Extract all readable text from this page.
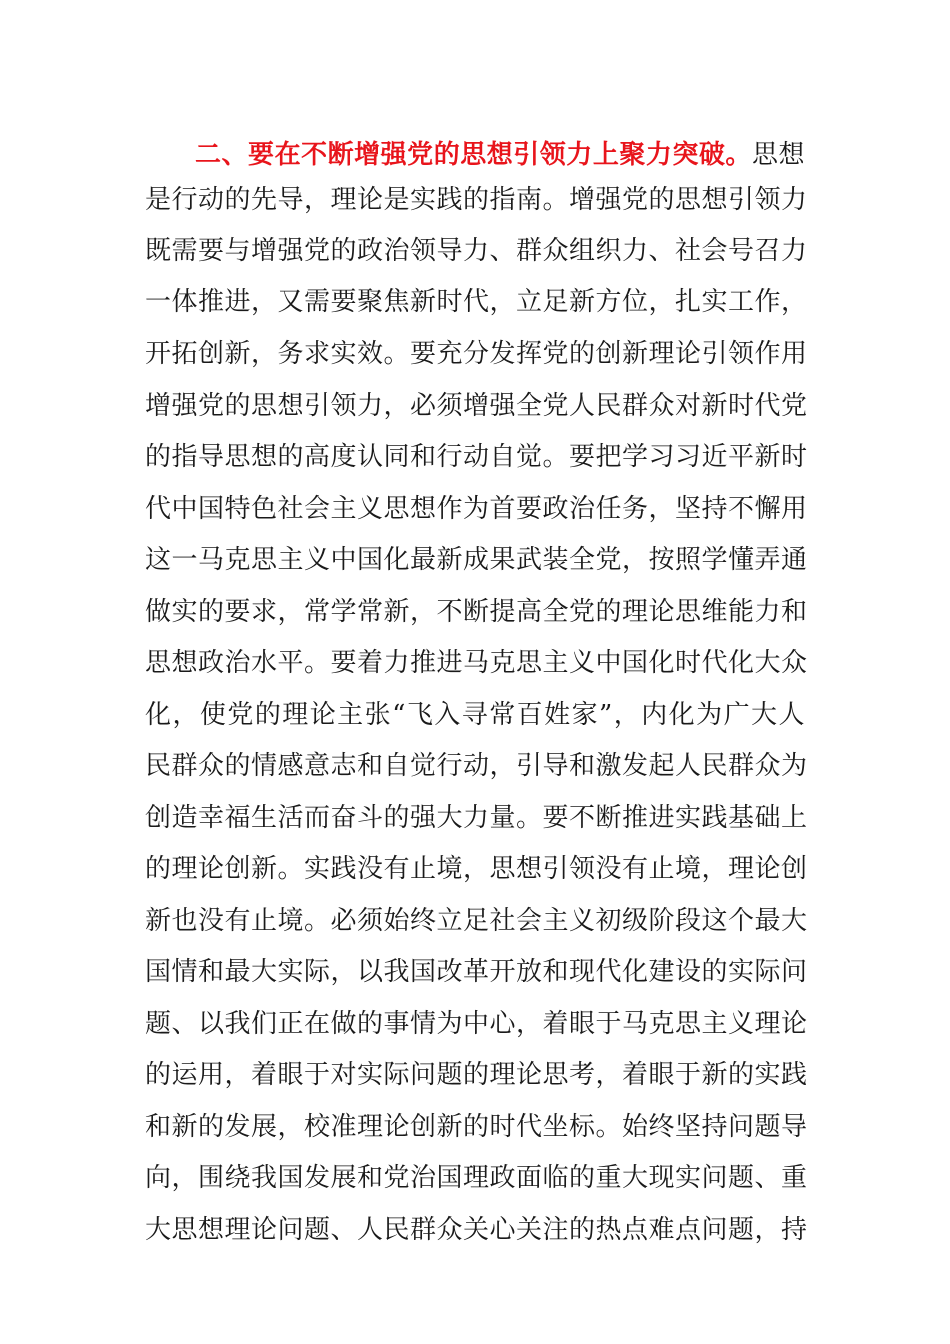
二、要在不断增强党的思想引领力上聚力突破。思想
是行动的先导，理论是实践的指南。增强党的思想引领力
既需要与增强党的政治领导力、群众组织力、社会号召力
一体推进，又需要聚焦新时代，立足新方位，扎实工作，
开拓创新，务求实效。要充分发挥党的创新理论引领作用
增强党的思想引领力，必须增强全党人民群众对新时代党
的指导思想的高度认同和行动自觉。要把学习习近平新时
代中国特色社会主义思想作为首要政治任务，坚持不懈用
这一马克思主义中国化最新成果武装全党，按照学懂弄通
做实的要求，常学常新，不断提高全党的理论思维能力和
思想政治水平。要着力推进马克思主义中国化时代化大众
化，使党的理论主张“飞入寻常百姓家”，内化为广大人
民群众的情感意志和自觉行动，引导和激发起人民群众为
创造幸福生活而奋斗的强大力量。要不断推进实践基础上
的理论创新。实践没有止境，思想引领没有止境，理论创
新也没有止境。必须始终立足社会主义初级阶段这个最大
国情和最大实际，以我国改革开放和现代化建设的实际问
题、以我们正在做的事情为中心，着眼于马克思主义理论
的运用，着眼于对实际问题的理论思考，着眼于新的实践
和新的发展，校准理论创新的时代坐标。始终坚持问题导
向，围绕我国发展和党治国理政面临的重大现实问题、重
大思想理论问题、人民群众关心关注的热点难点问题，持
